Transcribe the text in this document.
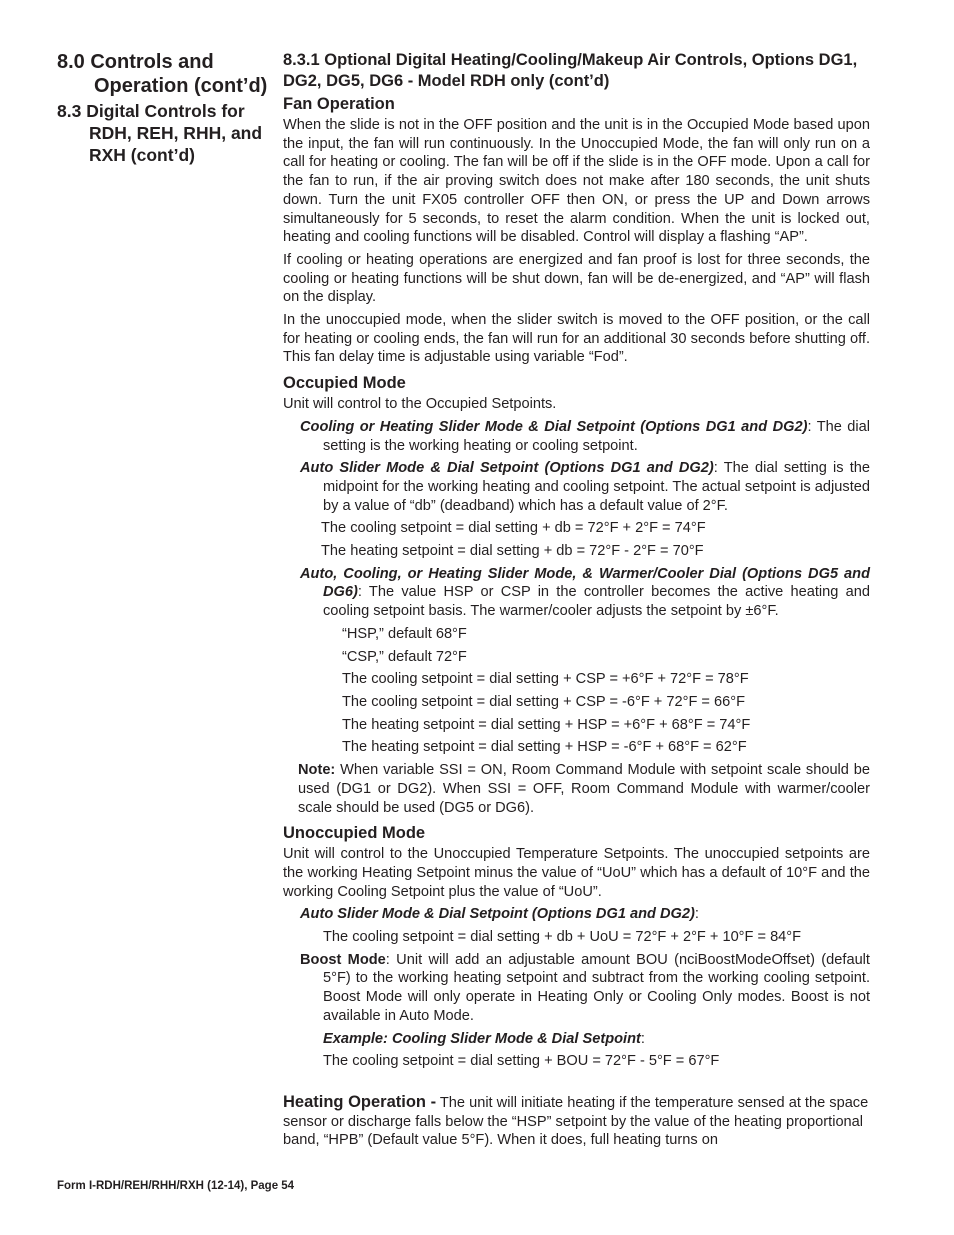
8.0 Controls and Operation (cont’d)
8.3 Digital Controls for RDH, REH, RHH, and RXH (cont’d)
8.3.1 Optional Digital Heating/Cooling/Makeup Air Controls, Options DG1, DG2, DG5, DG6 - Model RDH only (cont’d)
Fan Operation

When the slide is not in the OFF position and the unit is in the Occupied Mode based upon the input, the fan will run continuously. In the Unoccupied Mode, the fan will only run on a call for heating or cooling. The fan will be off if the slide is in the OFF mode. Upon a call for the fan to run, if the air proving switch does not make after 180 seconds, the unit shuts down. Turn the unit FX05 controller OFF then ON, or press the UP and Down arrows simultaneously for 5 seconds, to reset the alarm condition. When the unit is locked out, heating and cooling functions will be disabled. Control will display a flashing “AP”.

If cooling or heating operations are energized and fan proof is lost for three seconds, the cooling or heating functions will be shut down, fan will be de-energized, and “AP” will flash on the display.

In the unoccupied mode, when the slider switch is moved to the OFF position, or the call for heating or cooling ends, the fan will run for an additional 30 seconds before shutting off. This fan delay time is adjustable using variable “Fod”.

Occupied Mode

Unit will control to the Occupied Setpoints.

Cooling or Heating Slider Mode & Dial Setpoint (Options DG1 and DG2): The dial setting is the working heating or cooling setpoint.

Auto Slider Mode & Dial Setpoint (Options DG1 and DG2): The dial setting is the midpoint for the working heating and cooling setpoint. The actual setpoint is adjusted by a value of “db” (deadband) which has a default value of 2°F.

The cooling setpoint = dial setting + db = 72°F + 2°F = 74°F

The heating setpoint = dial setting + db = 72°F - 2°F = 70°F

Auto, Cooling, or Heating Slider Mode, & Warmer/Cooler Dial (Options DG5 and DG6): The value HSP or CSP in the controller becomes the active heating and cooling setpoint basis. The warmer/cooler adjusts the setpoint by ±6°F.

“HSP,” default 68°F

“CSP,” default 72°F

The cooling setpoint = dial setting + CSP = +6°F + 72°F = 78°F

The cooling setpoint = dial setting + CSP = -6°F + 72°F = 66°F

The heating setpoint = dial setting + HSP = +6°F + 68°F = 74°F

The heating setpoint = dial setting + HSP = -6°F + 68°F = 62°F

Note: When variable SSI = ON, Room Command Module with setpoint scale should be used (DG1 or DG2). When SSI = OFF, Room Command Module with warmer/cooler scale should be used (DG5 or DG6).

Unoccupied Mode

Unit will control to the Unoccupied Temperature Setpoints. The unoccupied setpoints are the working Heating Setpoint minus the value of “UoU” which has a default of 10°F and the working Cooling Setpoint plus the value of “UoU”.

Auto Slider Mode & Dial Setpoint (Options DG1 and DG2):

The cooling setpoint = dial setting + db + UoU = 72°F + 2°F + 10°F = 84°F

Boost Mode: Unit will add an adjustable amount BOU (nciBoostModeOffset) (default 5°F) to the working heating setpoint and subtract from the working cooling setpoint. Boost Mode will only operate in Heating Only or Cooling Only modes. Boost is not available in Auto Mode.

Example: Cooling Slider Mode & Dial Setpoint:

The cooling setpoint = dial setting + BOU = 72°F - 5°F = 67°F

Heating Operation - The unit will initiate heating if the temperature sensed at the space sensor or discharge falls below the “HSP” setpoint by the value of the heating proportional band, “HPB” (Default value 5°F). When it does, full heating turns on

Form I-RDH/REH/RHH/RXH (12-14), Page 54
